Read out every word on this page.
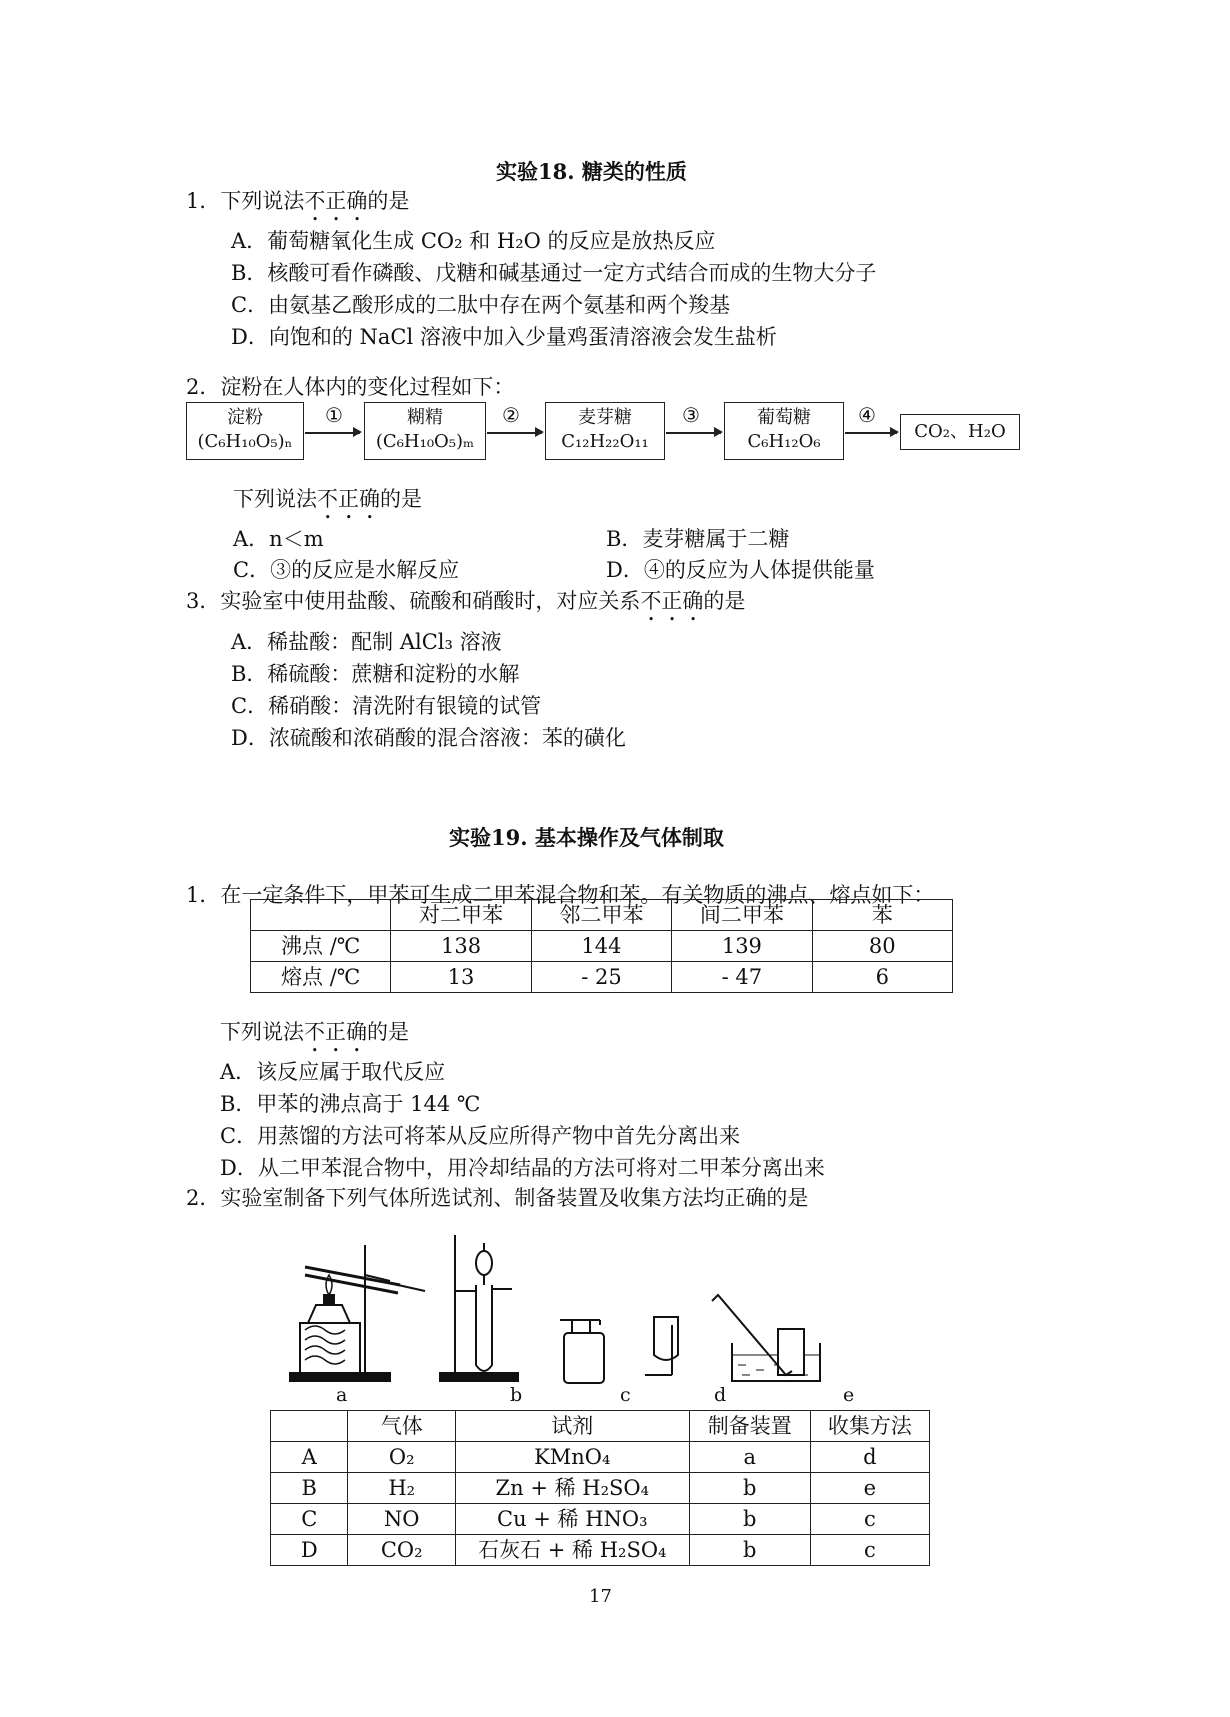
实验18. 糖类的性质
1．下列说法不正确的是
A．葡萄糖氧化生成 CO₂ 和 H₂O 的反应是放热反应
B．核酸可看作磷酸、戊糖和碱基通过一定方式结合而成的生物大分子
C．由氨基乙酸形成的二肽中存在两个氨基和两个羧基
D．向饱和的 NaCl 溶液中加入少量鸡蛋清溶液会发生盐析
2．淀粉在人体内的变化过程如下：
淀粉
(C₆H₁₀O₅)ₙ
①	糊精
(C₆H₁₀O₅)ₘ
②	麦芽糖
C₁₂H₂₂O₁₁
③	葡萄糖
C₆H₁₂O₆
④
CO₂、H₂O
下列说法不正确的是
A．n＜m	B．麦芽糖属于二糖
C．③的反应是水解反应	D．④的反应为人体提供能量
3．实验室中使用盐酸、硫酸和硝酸时，对应关系不正确的是
A．稀盐酸：配制 AlCl₃ 溶液
B．稀硫酸：蔗糖和淀粉的水解
C．稀硝酸：清洗附有银镜的试管
D．浓硫酸和浓硝酸的混合溶液：苯的磺化
实验19. 基本操作及气体制取
1．在一定条件下，甲苯可生成二甲苯混合物和苯。有关物质的沸点、熔点如下：
	对二甲苯	邻二甲苯	间二甲苯	苯
沸点 /℃	138	144	139	80
熔点 /℃	13	- 25	- 47	6
下列说法不正确的是
A．该反应属于取代反应
B．甲苯的沸点高于 144 ℃
C．用蒸馏的方法可将苯从反应所得产物中首先分离出来
D．从二甲苯混合物中，用冷却结晶的方法可将对二甲苯分离出来
2．实验室制备下列气体所选试剂、制备装置及收集方法均正确的是
a	b	c	d	e
	气体	试剂	制备装置	收集方法
A	O₂	KMnO₄	a	d
B	H₂	Zn + 稀 H₂SO₄	b	e
C	NO	Cu + 稀 HNO₃	b	c
D	CO₂	石灰石 + 稀 H₂SO₄	b	c
17
